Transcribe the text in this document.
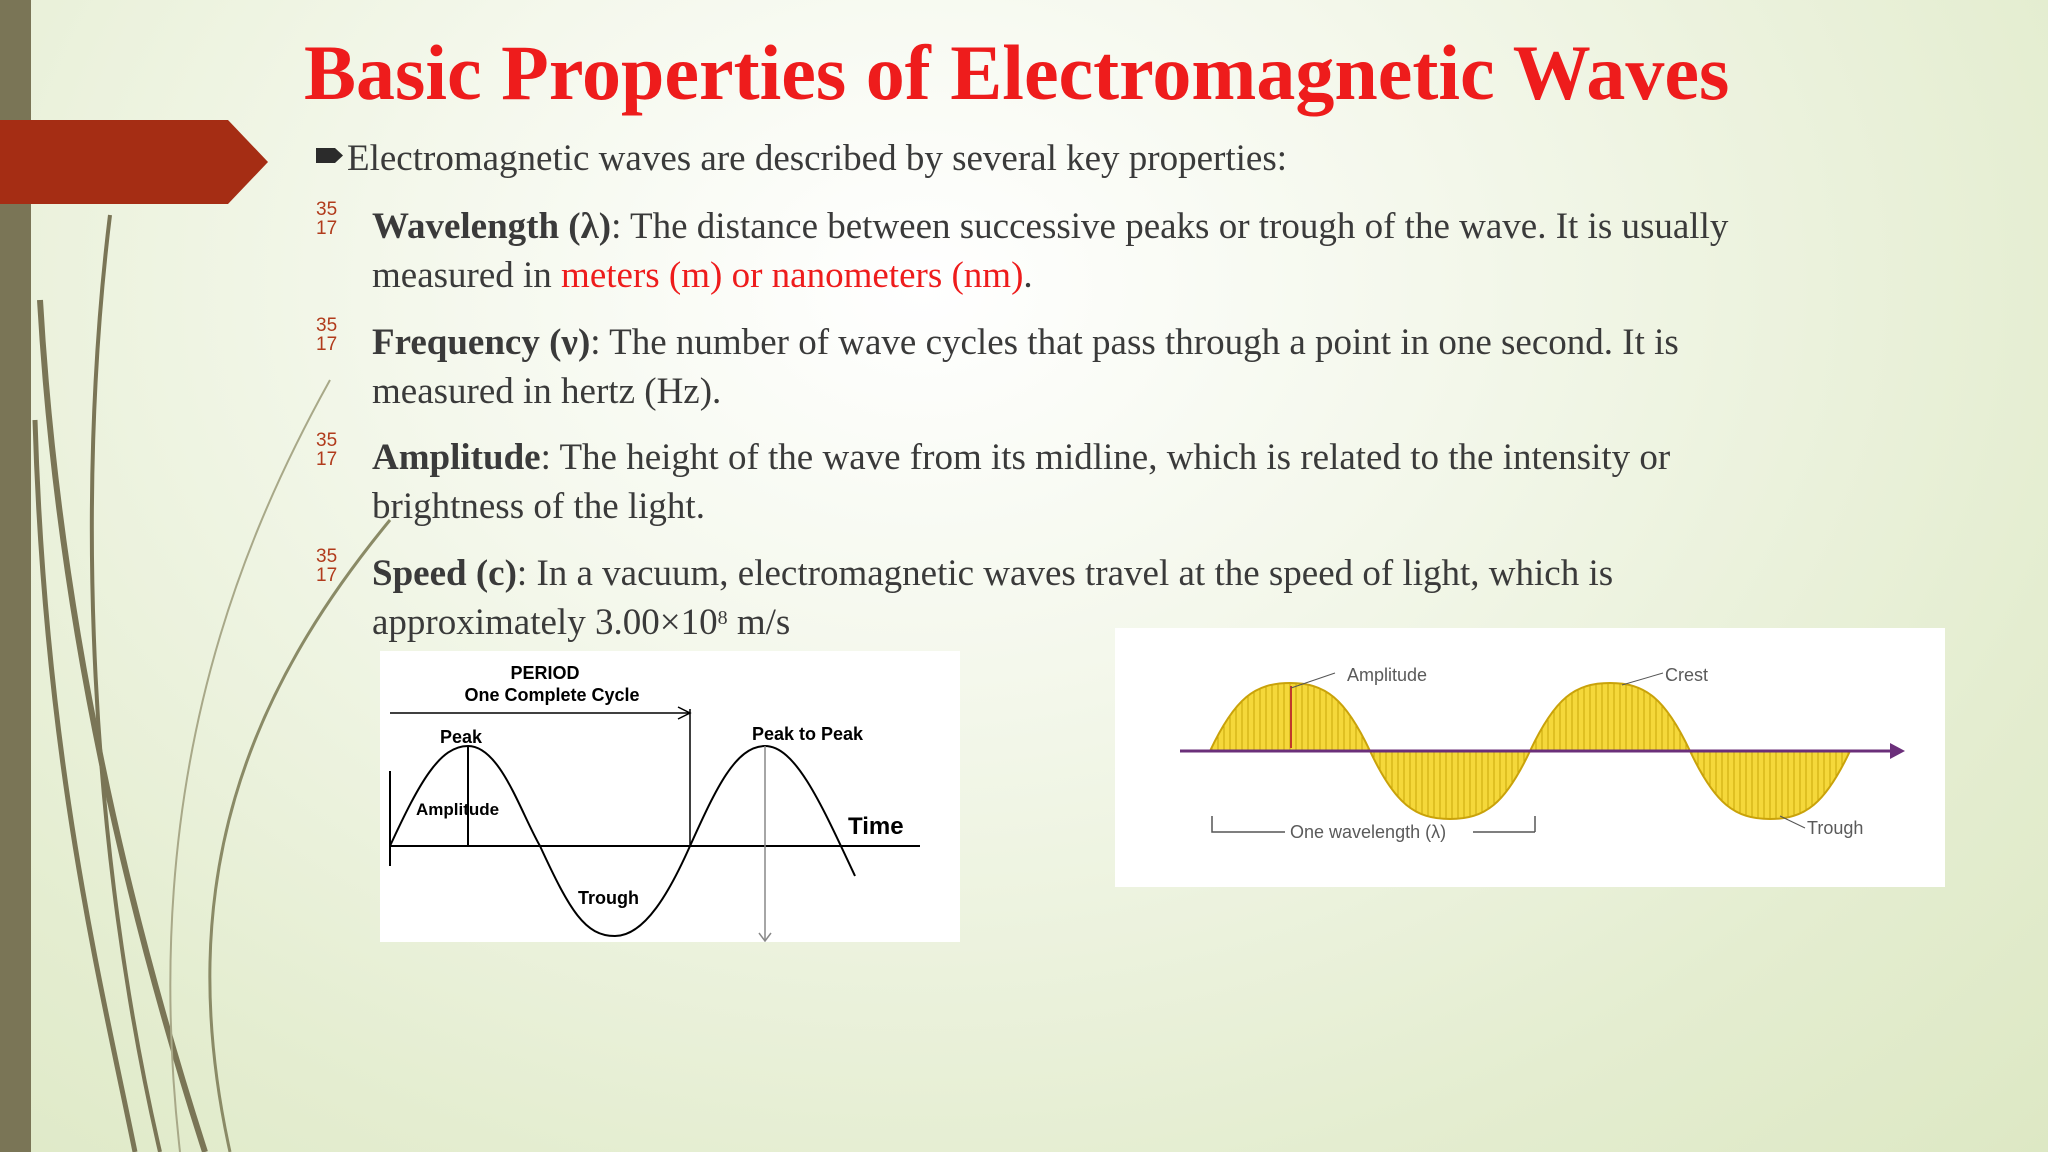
Basic Properties of Electromagnetic Waves
Electromagnetic waves are described by several key properties:
35
17 Wavelength (λ): The distance between successive peaks or trough of the wave. It is usually measured in meters (m) or nanometers (nm).
35
17 Frequency (ν): The number of wave cycles that pass through a point in one second. It is measured in hertz (Hz).
35
17 Amplitude: The height of the wave from its midline, which is related to the intensity or brightness of the light.
35
17 Speed (c): In a vacuum, electromagnetic waves travel at the speed of light, which is approximately $3.00\times 10^8$ m/s
PERIOD
One Complete Cycle
Peak	Peak to Peak
Amplitude
Time
Trough
Amplitude	Crest
One wavelength (λ)	Trough
